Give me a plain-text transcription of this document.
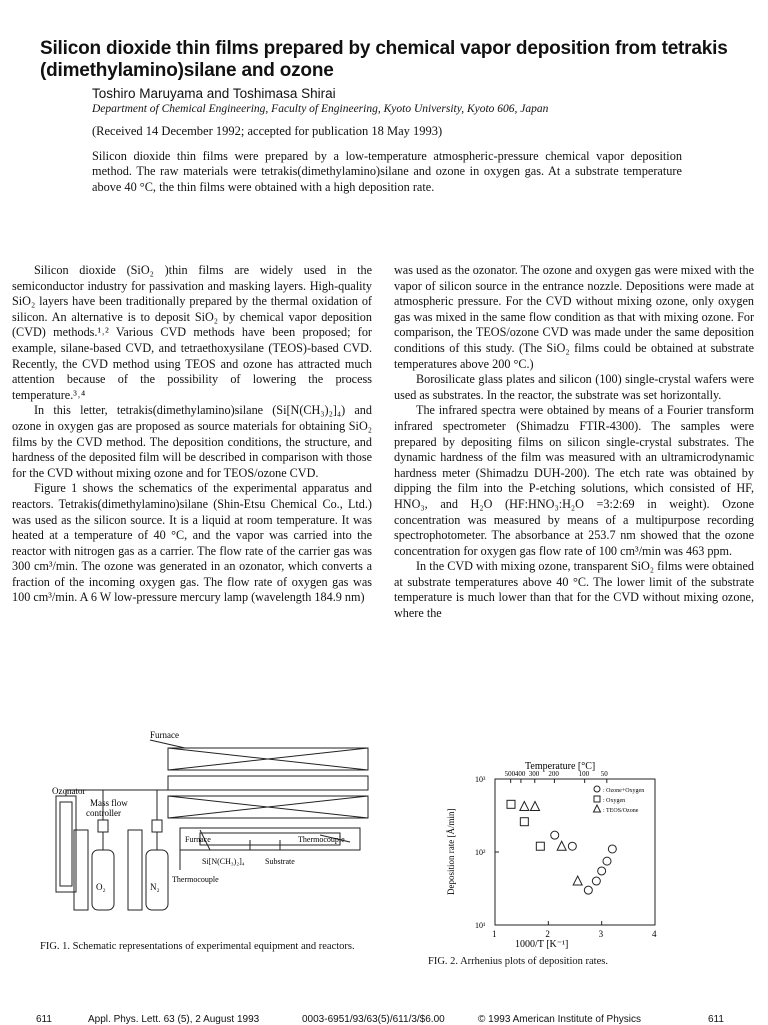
Silicon dioxide thin films prepared by chemical vapor deposition from tetrakis (dimethylamino)silane and ozone
Toshiro Maruyama and Toshimasa Shirai
Department of Chemical Engineering, Faculty of Engineering, Kyoto University, Kyoto 606, Japan
(Received 14 December 1992; accepted for publication 18 May 1993)
Silicon dioxide thin films were prepared by a low-temperature atmospheric-pressure chemical vapor deposition method. The raw materials were tetrakis(dimethylamino)silane and ozone in oxygen gas. At a substrate temperature above 40 °C, the thin films were obtained with a high deposition rate.

Silicon dioxide (SiO₂ )thin films are widely used in the semiconductor industry for passivation and masking layers. High-quality SiO₂ layers have been traditionally prepared by the thermal oxidation of silicon. An alternative is to deposit SiO₂ by chemical vapor deposition (CVD) methods.¹˒² Various CVD methods have been proposed; for example, silane-based CVD, and tetraethoxysilane (TEOS)-based CVD. Recently, the CVD method using TEOS and ozone has attracted much attention because of the possibility of lowering the process temperature.³˒⁴

In this letter, tetrakis(dimethylamino)silane (Si[N(CH₃)₂]₄) and ozone in oxygen gas are proposed as source materials for obtaining SiO₂ films by the CVD method. The deposition conditions, the structure, and hardness of the deposited film will be described in comparison with those for the CVD without mixing ozone and for TEOS/ozone CVD.

Figure 1 shows the schematics of the experimental apparatus and reactors. Tetrakis(dimethylamino)silane (Shin-Etsu Chemical Co., Ltd.) was used as the silicon source. It is a liquid at room temperature. It was heated at a temperature of 40 °C, and the vapor was carried into the reactor with nitrogen gas as a carrier. The flow rate of the carrier gas was 300 cm³/min. The ozone was generated in an ozonator, which converts a fraction of the incoming oxygen gas. The flow rate of oxygen gas was 100 cm³/min. A 6 W low-pressure mercury lamp (wavelength 184.9 nm)

was used as the ozonator. The ozone and oxygen gas were mixed with the vapor of silicon source in the entrance nozzle. Depositions were made at atmospheric pressure. For the CVD without mixing ozone, only oxygen gas was mixed in the same flow condition as that with mixing ozone. For comparison, the TEOS/ozone CVD was made under the same deposition conditions of this study. (The SiO₂ films could be obtained at substrate temperatures above 200 °C.)

Borosilicate glass plates and silicon (100) single-crystal wafers were used as substrates. In the reactor, the substrate was set horizontally.

The infrared spectra were obtained by means of a Fourier transform infrared spectrometer (Shimadzu FTIR-4300). The samples were prepared by depositing films on silicon single-crystal substrates. The dynamic hardness of the film was measured with an ultramicrodynamic hardness meter (Shimadzu DUH-200). The etch rate was obtained by dipping the film into the P-etching solutions, which consisted of HF, HNO₃, and H₂O (HF:HNO₃:H₂O =3:2:69 in weight). Ozone concentration was measured by means of a multipurpose recording spectrophotometer. The absorbance at 253.7 nm showed that the ozone concentration for oxygen gas flow rate of 100 cm³/min was 463 ppm.

In the CVD with mixing ozone, transparent SiO₂ films were obtained at substrate temperatures above 40 °C. The lower limit of the substrate temperature is much lower than that for the CVD without mixing ozone, where the

Furnace
Ozonator
Mass flow
controller
Furnace	Thermocouple
Si[N(CH₃)₂]₄	Substrate
Thermocouple
O₂	N₂
FIG. 1. Schematic representations of experimental equipment and reactors.
Temperature [°C]
1	2	3	4
10¹
10²
10³
500 400 300 200	100 50
: Ozone+Oxygen
: Oxygen
: TEOS/Ozone
1000/T [K⁻¹]
Deposition rate [Å/min]
FIG. 2. Arrhenius plots of deposition rates.
611	Appl. Phys. Lett. 63 (5), 2 August 1993	0003-6951/93/63(5)/611/3/$6.00	© 1993 American Institute of Physics	611
